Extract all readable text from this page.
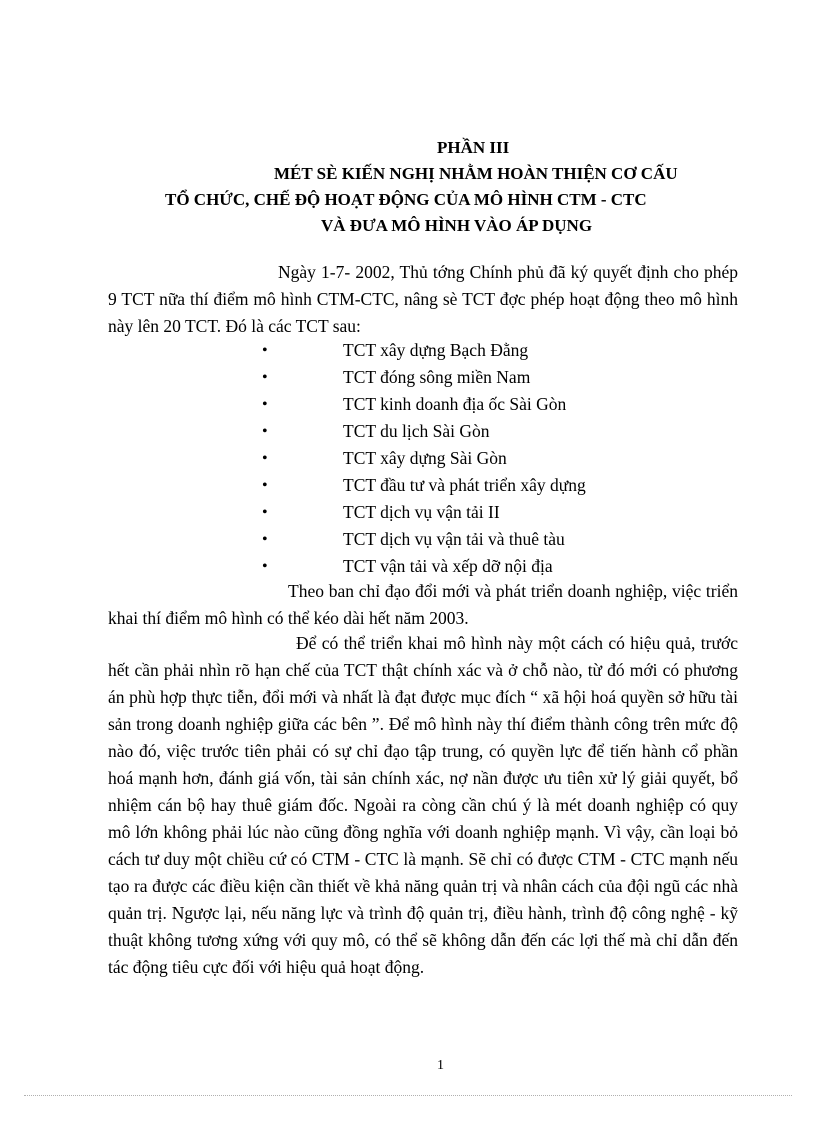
PHẦN III
MÉT SÈ KIẾN NGHỊ NHẰM HOÀN THIỆN CƠ CẤU
TỔ CHỨC, CHẾ ĐỘ HOẠT ĐỘNG CỦA MÔ HÌNH CTM - CTC
VÀ ĐƯA MÔ HÌNH VÀO ÁP DỤNG
Ngày 1-7- 2002, Thủ tớng Chính phủ đã ký quyết định cho phép 9 TCT nữa thí điểm mô hình CTM-CTC, nâng sè TCT đợc phép hoạt động theo mô hình này lên 20 TCT. Đó là các TCT sau:
•	TCT xây dựng Bạch Đằng
•	TCT đóng sông miền Nam
•	TCT kinh doanh địa ốc Sài Gòn
•	TCT du lịch Sài Gòn
•	TCT xây dựng Sài Gòn
•	TCT đầu tư và phát triển xây dựng
•	TCT dịch vụ vận tải II
•	TCT dịch vụ vận tải và thuê tàu
•	TCT vận tải và xếp dỡ nội địa
Theo ban chỉ đạo đổi mới và phát triển doanh nghiệp, việc triển khai thí điểm mô hình có thể kéo dài hết năm 2003.
Để có thể triển khai mô hình này một cách có hiệu quả, trước hết cần phải nhìn rõ hạn chế của TCT thật chính xác và ở chỗ nào, từ đó mới có phương án phù hợp thực tiễn, đổi mới và nhất là đạt được mục đích “ xã hội hoá quyền sở hữu tài sản trong doanh nghiệp giữa các bên ”. Để mô hình này thí điểm thành công trên mức độ nào đó, việc trước tiên phải có sự chỉ đạo tập trung, có quyền lực để tiến hành cổ phần hoá mạnh hơn, đánh giá vốn, tài sản chính xác, nợ nần được ưu tiên xử lý giải quyết, bổ nhiệm cán bộ hay thuê giám đốc. Ngoài ra còng cần chú ý là mét doanh nghiệp có quy mô lớn không phải lúc nào cũng đồng nghĩa với doanh nghiệp mạnh. Vì vậy, cần loại bỏ cách tư duy một chiều cứ có CTM - CTC là mạnh. Sẽ chỉ có được CTM - CTC mạnh nếu tạo ra được các điều kiện cần thiết về khả năng quản trị và nhân cách của đội ngũ các nhà quản trị. Ngược lại, nếu năng lực và trình độ quản trị, điều hành, trình độ công nghệ - kỹ thuật không tương xứng với quy mô, có thể sẽ không dẫn đến các lợi thế mà chỉ dẫn đến tác động tiêu cực đối với hiệu quả hoạt động.
1
